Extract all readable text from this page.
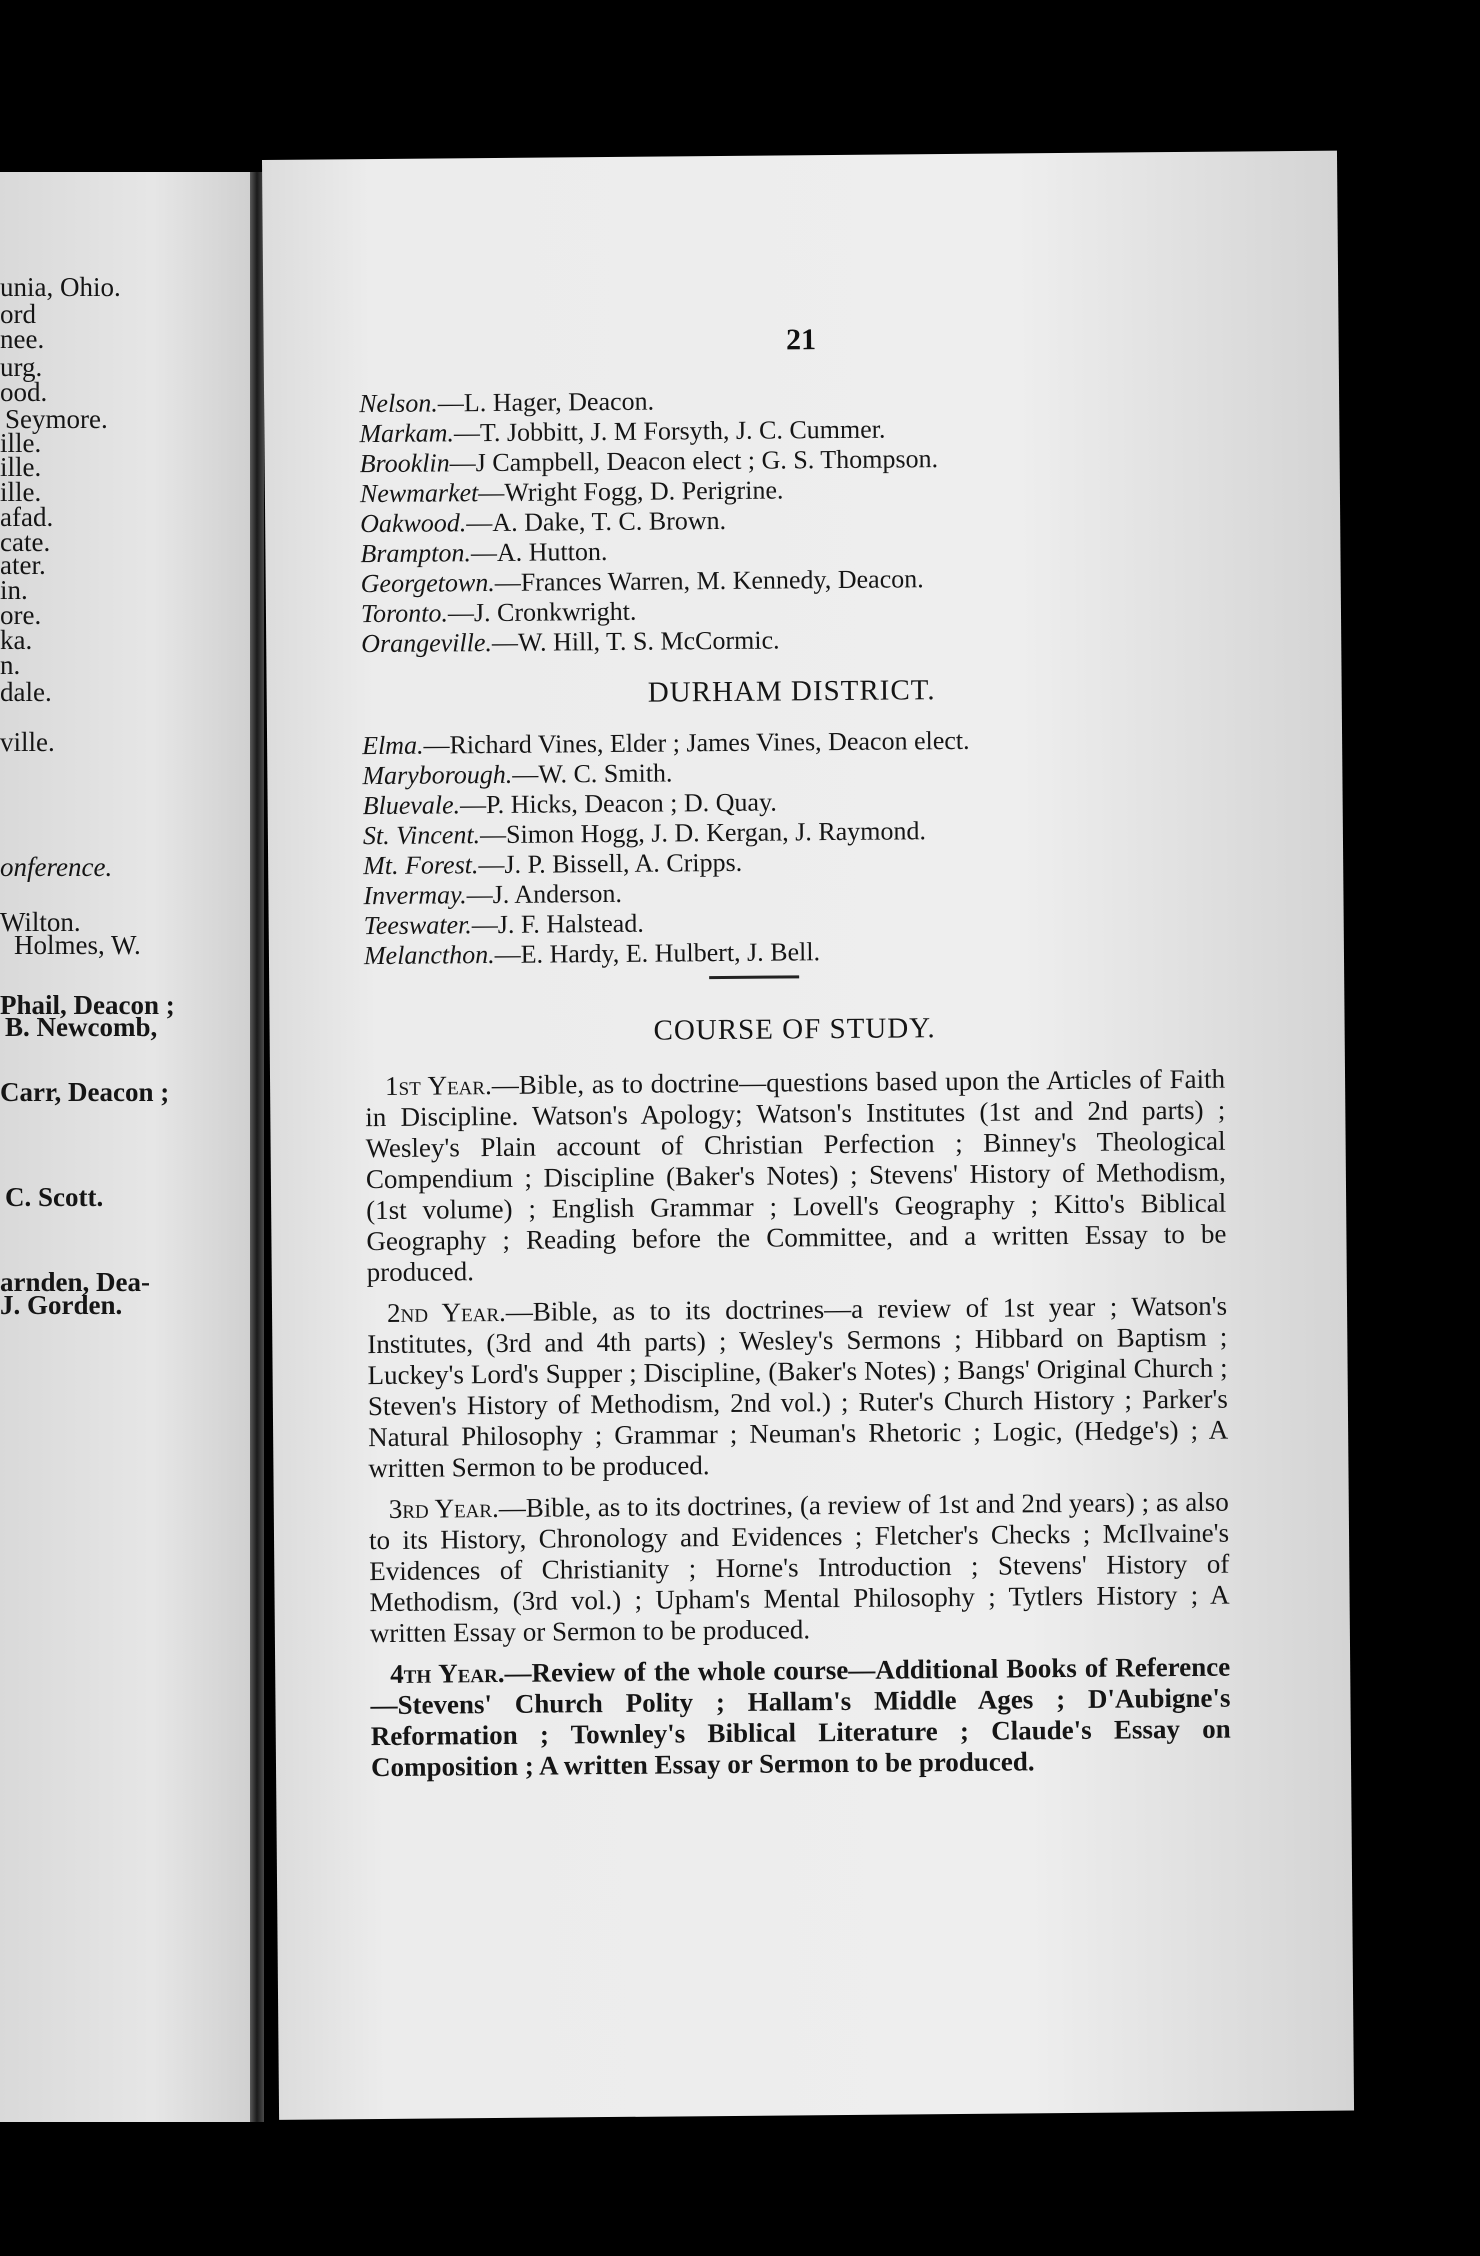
unia, Ohio.
ord
nee.
urg.
ood.
Seymore.
ille.
ille.
ille.
afad.
cate.
ater.
in.
ore.
ka.
n.
dale.
ville.
onference.
Wilton.
Holmes, W.
Phail, Deacon ;
B. Newcomb,
Carr, Deacon ;
C. Scott.
arnden, Dea-
J. Gorden.
21
Nelson.—L. Hager, Deacon.
Markam.—T. Jobbitt, J. M Forsyth, J. C. Cummer.
Brooklin—J Campbell, Deacon elect ; G. S. Thompson.
Newmarket—Wright Fogg, D. Perigrine.
Oakwood.—A. Dake, T. C. Brown.
Brampton.—A. Hutton.
Georgetown.—Frances Warren, M. Kennedy, Deacon.
Toronto.—J. Cronkwright.
Orangeville.—W. Hill, T. S. McCormic.
DURHAM DISTRICT.
Elma.—Richard Vines, Elder ; James Vines, Deacon elect.
Maryborough.—W. C. Smith.
Bluevale.—P. Hicks, Deacon ; D. Quay.
St. Vincent.—Simon Hogg, J. D. Kergan, J. Raymond.
Mt. Forest.—J. P. Bissell, A. Cripps.
Invermay.—J. Anderson.
Teeswater.—J. F. Halstead.
Melancthon.—E. Hardy, E. Hulbert, J. Bell.
COURSE OF STUDY.

1st Year.—Bible, as to doctrine—questions based upon the Articles of Faith in Discipline. Watson's Apology; Watson's Institutes (1st and 2nd parts) ; Wesley's Plain account of Christian Perfection ; Binney's Theological Compendium ; Discipline (Baker's Notes) ; Stevens' History of Methodism, (1st volume) ; English Grammar ; Lovell's Geography ; Kitto's Biblical Geography ; Reading before the Committee, and a written Essay to be produced.

2nd Year.—Bible, as to its doctrines—a review of 1st year ; Watson's Institutes, (3rd and 4th parts) ; Wesley's Sermons ; Hibbard on Baptism ; Luckey's Lord's Supper ; Discipline, (Baker's Notes) ; Bangs' Original Church ; Steven's History of Methodism, 2nd vol.) ; Ruter's Church History ; Parker's Natural Philosophy ; Grammar ; Neuman's Rhetoric ; Logic, (Hedge's) ; A written Sermon to be produced.

3rd Year.—Bible, as to its doctrines, (a review of 1st and 2nd years) ; as also to its History, Chronology and Evidences ; Fletcher's Checks ; McIlvaine's Evidences of Christianity ; Horne's Introduction ; Stevens' History of Methodism, (3rd vol.) ; Upham's Mental Philosophy ; Tytlers History ; A written Essay or Sermon to be produced.

4th Year.—Review of the whole course—Additional Books of Reference—Stevens' Church Polity ; Hallam's Middle Ages ; D'Aubigne's Reformation ; Townley's Biblical Literature ; Claude's Essay on Composition ; A written Essay or Sermon to be produced.
